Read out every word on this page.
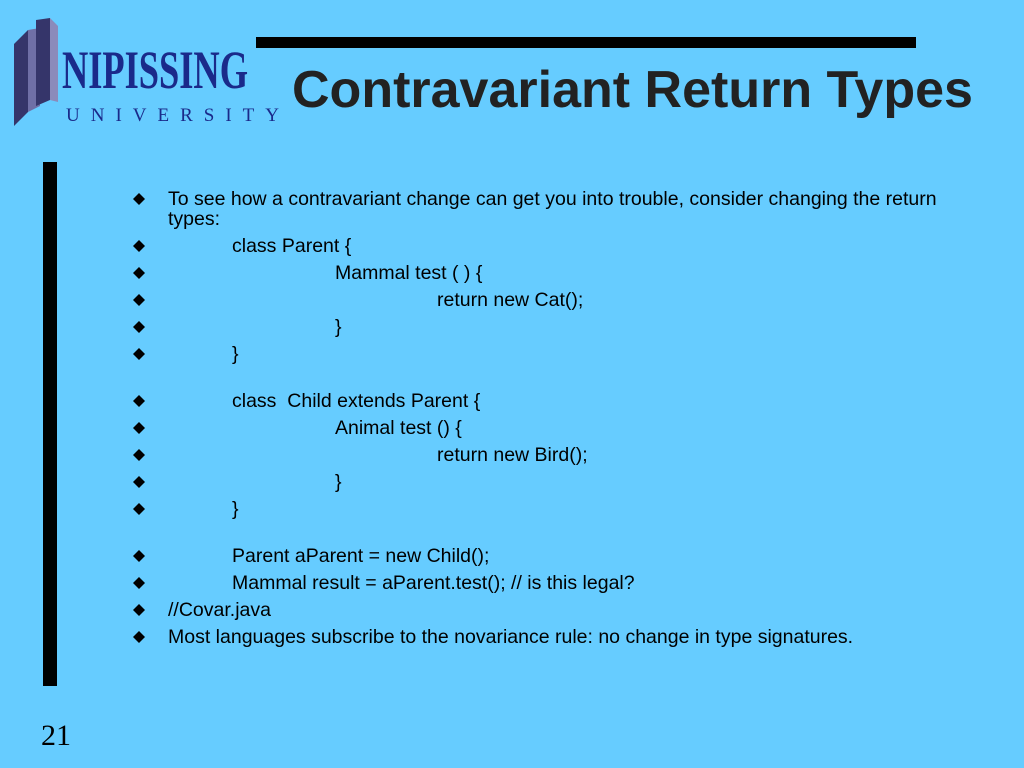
NIPISSING
UNIVERSITY Contravariant Return Types
To see how a contravariant change can get you into trouble, consider changing the return types:
class Parent {
Mammal test ( ) {
return new Cat();
}
}
class  Child extends Parent {
Animal test () {
return new Bird();
}
}
Parent aParent = new Child();
Mammal result = aParent.test(); // is this legal?
//Covar.java
Most languages subscribe to the novariance rule: no change in type signatures.
21
